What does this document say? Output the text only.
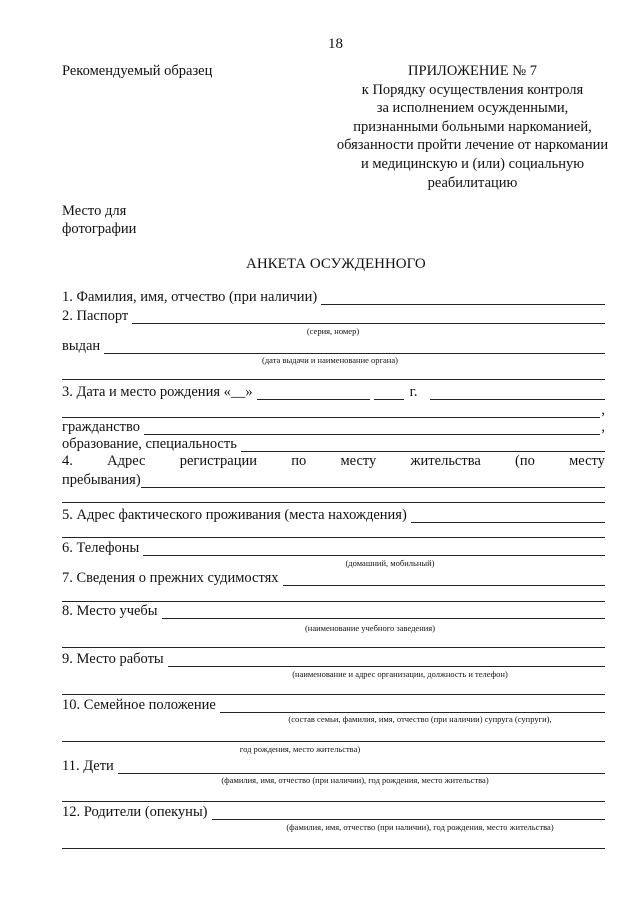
18
Рекомендуемый образец	ПРИЛОЖЕНИЕ № 7
к Порядку осуществления контроля
за исполнением осужденными,
признанными больными наркоманией,
обязанности пройти лечение от наркомании
и медицинскую и (или) социальную
реабилитацию
Место для
фотографии
АНКЕТА ОСУЖДЕННОГО
1. Фамилия, имя, отчество (при наличии)
2. Паспорт
(серия, номер)
выдан
(дата выдачи и наименование органа)
3. Дата и место рождения «__»	г.
,
гражданство	,
образование, специальность
4. Адрес регистрации по месту жительства (по месту
пребывания)
5. Адрес фактического проживания (места нахождения)
6. Телефоны
(домашний, мобильный)
7. Сведения о прежних судимостях
8. Место учебы
(наименование учебного заведения)
9. Место работы
(наименование и адрес организации, должность и телефон)
10. Семейное положение
(состав семьи, фамилия, имя, отчество (при наличии) супруга (супруги),
год рождения, место жительства)
11. Дети
(фамилия, имя, отчество (при наличии), год рождения, место жительства)
12. Родители (опекуны)
(фамилия, имя, отчество (при наличии), год рождения, место жительства)
